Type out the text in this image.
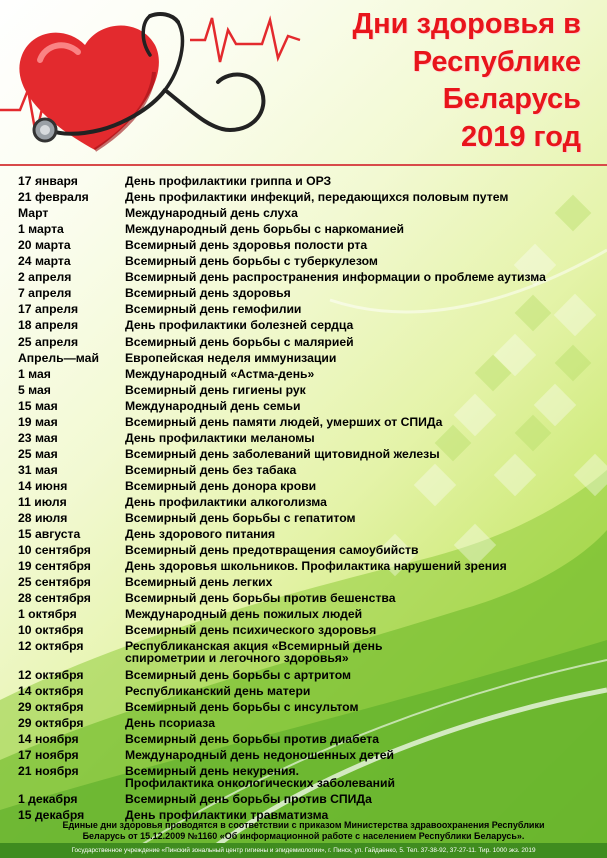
Дни здоровья в
Республике
Беларусь
2019 год
17 января	День профилактики гриппа и ОРЗ
21 февраля	День профилактики инфекций, передающихся половым путем
Март	Международный день слуха
1 марта	Международный день борьбы с наркоманией
20 марта	Всемирный день здоровья полости рта
24 марта	Всемирный день борьбы с туберкулезом
2 апреля	Всемирный день распространения информации о проблеме аутизма
7 апреля	Всемирный день здоровья
17 апреля	Всемирный день гемофилии
18 апреля	День профилактики болезней сердца
25 апреля	Всемирный день борьбы с малярией
Апрель—май Европейская неделя иммунизации
1 мая	Международный «Астма-день»
5 мая	Всемирный день гигиены рук
15 мая	Международный день семьи
19 мая	Всемирный день памяти людей, умерших от СПИДа
23 мая	День профилактики меланомы
25 мая	Всемирный день заболеваний щитовидной железы
31 мая	Всемирный день без табака
14 июня	Всемирный день донора крови
11 июля	День профилактики алкоголизма
28 июля	Всемирный день борьбы с гепатитом
15 августа	День здорового питания
10 сентября	Всемирный день предотвращения самоубийств
19 сентября	День здоровья школьников. Профилактика нарушений зрения
25 сентября	Всемирный день легких
28 сентября	Всемирный день борьбы против бешенства
1 октября	Международный день пожилых людей
10 октября	Всемирный день психического здоровья
12 октября	Республиканская акция «Всемирный день
спирометрии и легочного здоровья»
12 октября	Всемирный день борьбы с артритом
14 октября	Республиканский день матери
29 октября	Всемирный день борьбы с инсультом
29 октября	День псориаза
14 ноября	Всемирный день борьбы против диабета
17 ноября	Международный день недоношенных детей
21 ноября	Всемирный день некурения.
Профилактика онкологических заболеваний
1 декабря	Всемирный день борьбы против СПИДа
15 декабря	День профилактики травматизма
Единые дни здоровья проводятся в соответствии с приказом Министерства здравоохранения Республики
Беларусь от 15.12.2009 №1160 «Об информационной работе с населением Республики Беларусь».
Государственное учреждение «Пинский зональный центр гигиены и эпидемиологии», г. Пинск, ул. Гайдаенко, 5. Тел. 37-38-92, 37-27-11. Тир. 1000 экз. 2019
